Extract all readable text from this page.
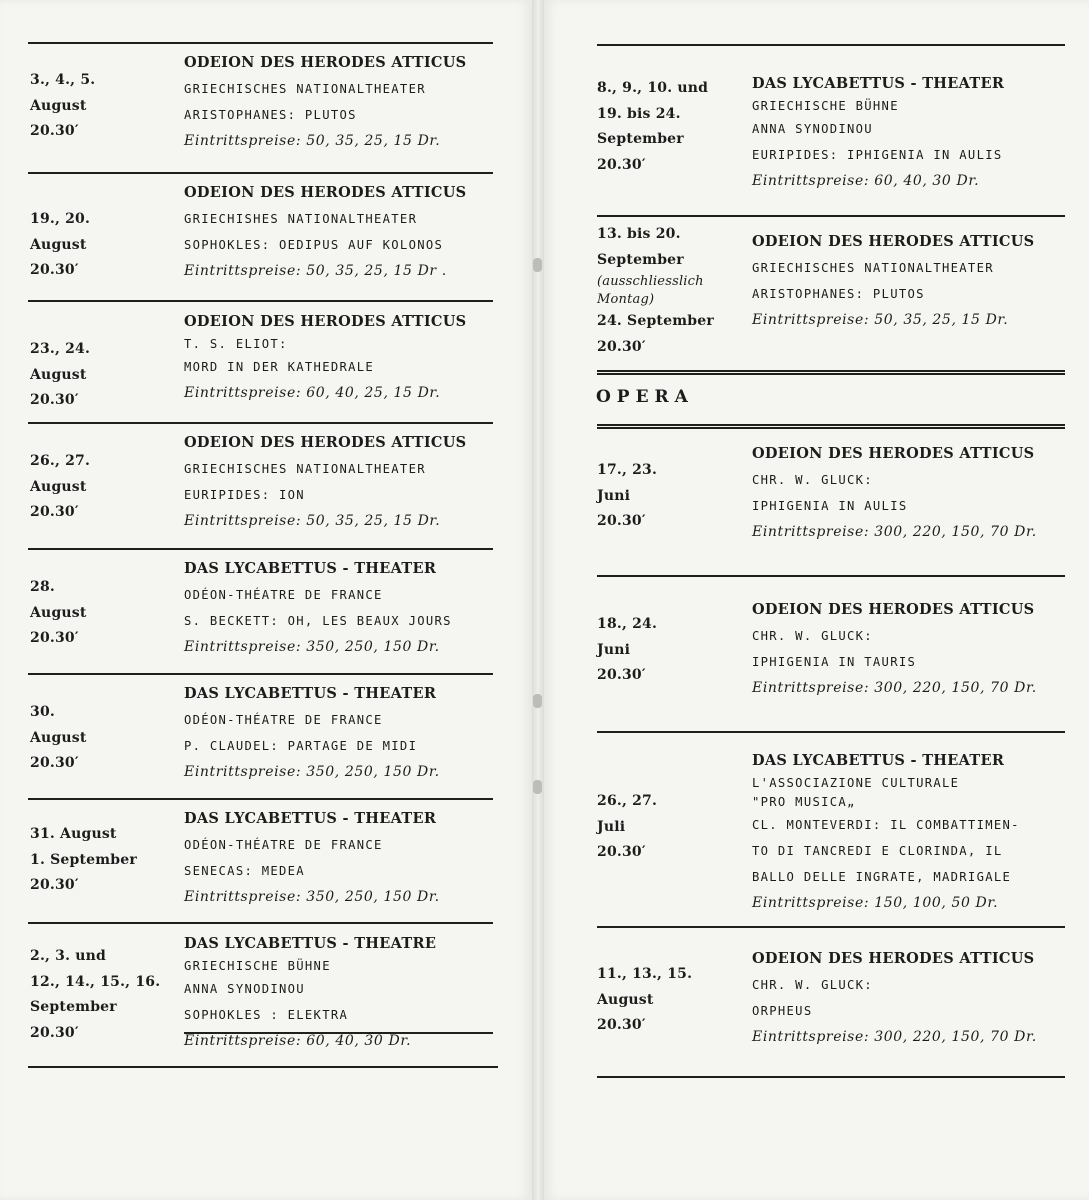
3., 4., 5.
August
20.30′
ODEION DES HERODES ATTICUS
GRIECHISCHES NATIONALTHEATER
ARISTOPHANES: PLUTOS
Eintrittspreise: 50, 35, 25, 15 Dr.
19., 20.
August
20.30′
ODEION DES HERODES ATTICUS
GRIECHISHES NATIONALTHEATER
SOPHOKLES: OEDIPUS AUF KOLONOS
Eintrittspreise: 50, 35, 25, 15 Dr .
23., 24.
August
20.30′
ODEION DES HERODES ATTICUS
T. S. ELIOT:
MORD IN DER KATHEDRALE
Eintrittspreise: 60, 40, 25, 15 Dr.
26., 27.
August
20.30′
ODEION DES HERODES ATTICUS
GRIECHISCHES NATIONALTHEATER
EURIPIDES: ION
Eintrittspreise: 50, 35, 25, 15 Dr.
28.
August
20.30′
DAS LYCABETTUS - THEATER
ODÉON-THÉATRE DE FRANCE
S. BECKETT: OH, LES BEAUX JOURS
Eintrittspreise: 350, 250, 150 Dr.
30.
August
20.30′
DAS LYCABETTUS - THEATER
ODÉON-THÉATRE DE FRANCE
P. CLAUDEL: PARTAGE DE MIDI
Eintrittspreise: 350, 250, 150 Dr.
31. August
1. September
20.30′
DAS LYCABETTUS - THEATER
ODÉON-THÉATRE DE FRANCE
SENECAS: MEDEA
Eintrittspreise: 350, 250, 150 Dr.
2., 3. und
12., 14., 15., 16.
September
20.30′
DAS LYCABETTUS - THEATRE
GRIECHISCHE BÜHNE
ANNA SYNODINOU
SOPHOKLES : ELEKTRA
Eintrittspreise: 60, 40, 30 Dr.
8., 9., 10. und
19. bis 24.
September
20.30′
DAS LYCABETTUS - THEATER
GRIECHISCHE BÜHNE
ANNA SYNODINOU
EURIPIDES: IPHIGENIA IN AULIS
Eintrittspreise: 60, 40, 30 Dr.
13. bis 20.
September
(ausschliesslich
Montag)
24. September
20.30′
ODEION DES HERODES ATTICUS
GRIECHISCHES NATIONALTHEATER
ARISTOPHANES: PLUTOS
Eintrittspreise: 50, 35, 25, 15 Dr.
17., 23.
Juni
20.30′
ODEION DES HERODES ATTICUS
CHR. W. GLUCK:
IPHIGENIA IN AULIS
Eintrittspreise: 300, 220, 150, 70 Dr.
18., 24.
Juni
20.30′
ODEION DES HERODES ATTICUS
CHR. W. GLUCK:
IPHIGENIA IN TAURIS
Eintrittspreise: 300, 220, 150, 70 Dr.
26., 27.
Juli
20.30′
DAS LYCABETTUS - THEATER
L'ASSOCIAZIONE CULTURALE
"PRO MUSICA„
CL. MONTEVERDI: IL COMBATTIMEN-
TO DI TANCREDI E CLORINDA, IL
BALLO DELLE INGRATE, MADRIGALE
Eintrittspreise: 150, 100, 50 Dr.
11., 13., 15.
August
20.30′
ODEION DES HERODES ATTICUS
CHR. W. GLUCK:
ORPHEUS
Eintrittspreise: 300, 220, 150, 70 Dr.
OPERA
